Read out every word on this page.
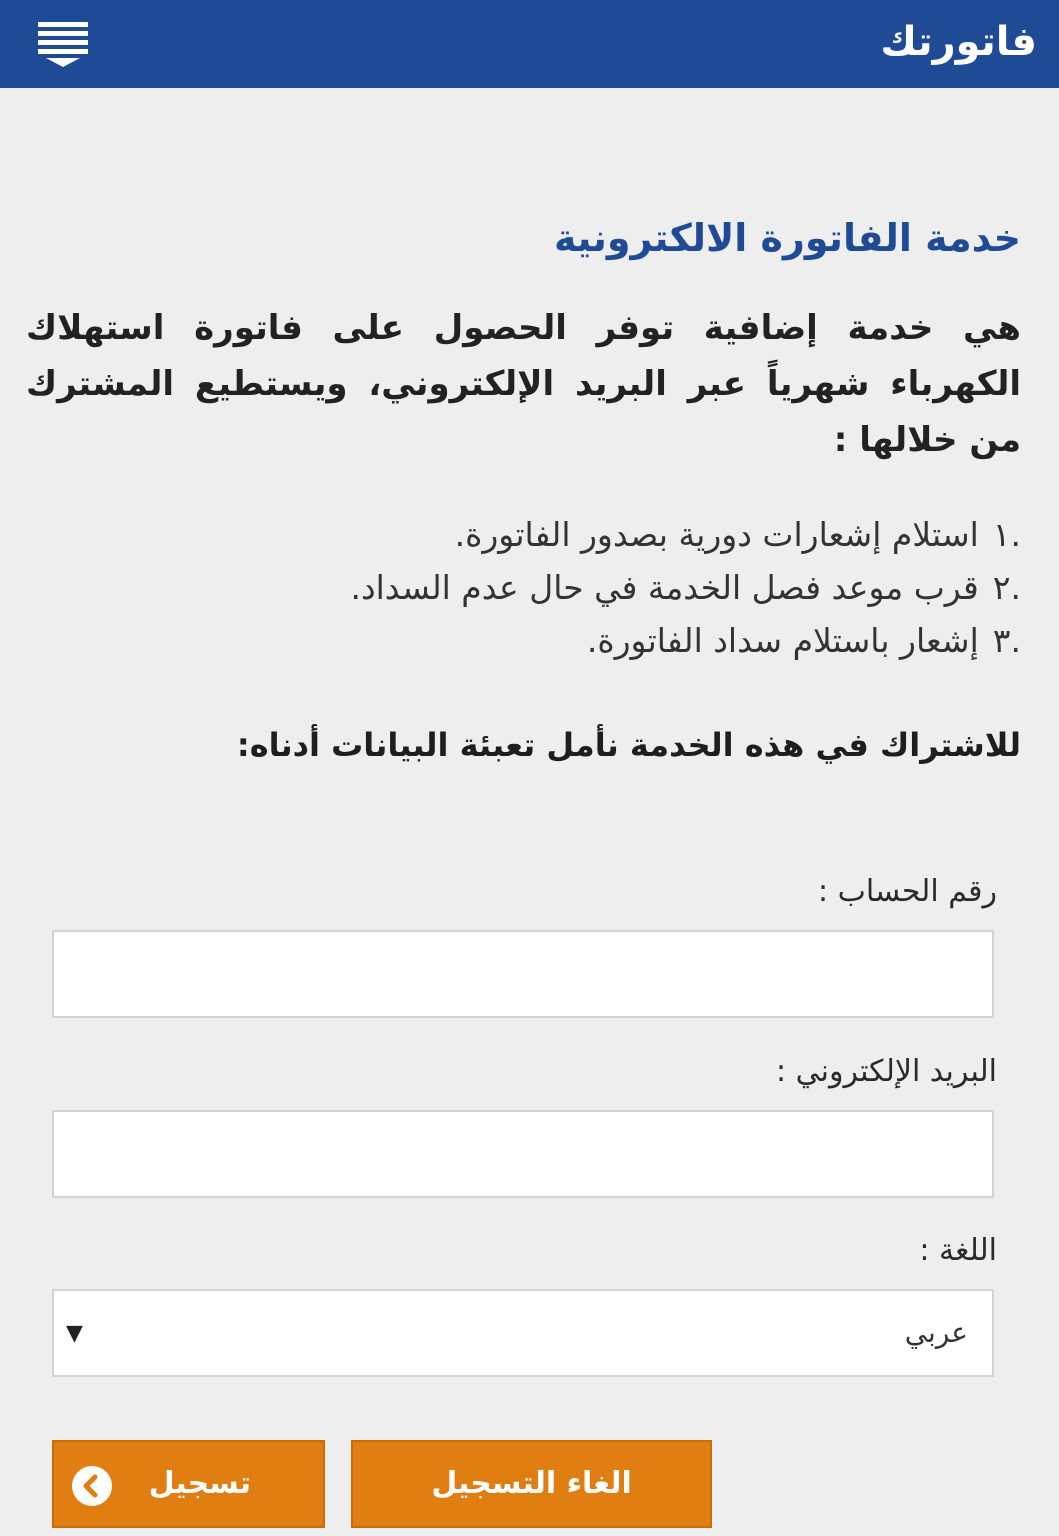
فاتورتك
خدمة الفاتورة الالكترونية
هي خدمة إضافية توفر الحصول على فاتورة استهلاك الكهرباء شهرياً عبر البريد الإلكتروني، ويستطيع المشترك من خلالها :
.١استلام إشعارات دورية بصدور الفاتورة.
.٢قرب موعد فصل الخدمة في حال عدم السداد.
.٣إشعار باستلام سداد الفاتورة.
للاشتراك في هذه الخدمة نأمل تعبئة البيانات أدناه:
رقم الحساب :
البريد الإلكتروني :
اللغة :
عربي
▼
تسجيل	الغاء التسجيل
